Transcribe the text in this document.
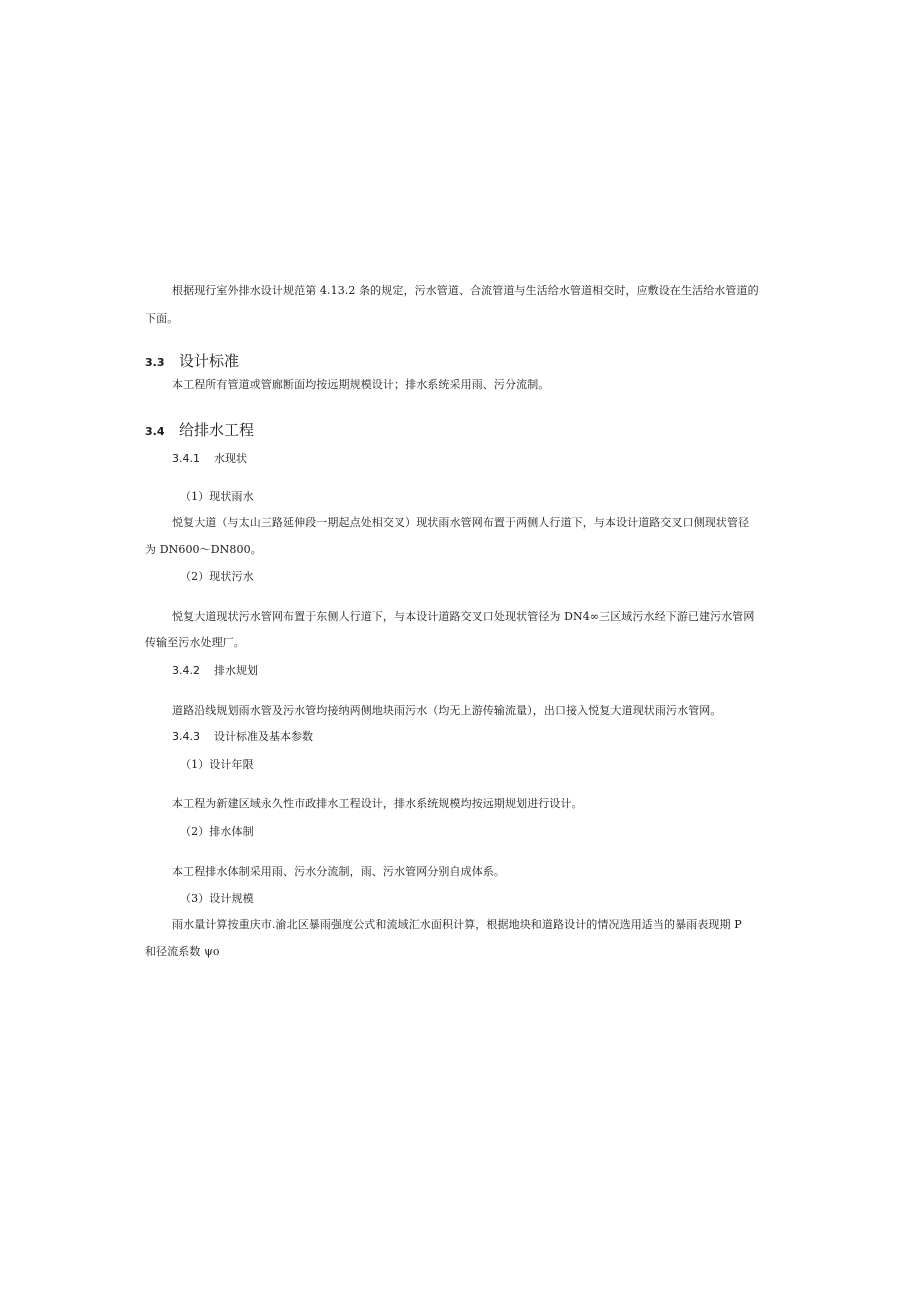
根据现行室外排水设计规范第 4.13.2 条的规定，污水管道、合流管道与生活给水管道相交时，应敷设在生活给水管道的
下面。
3.3 设计标准
本工程所有管道或管廊断面均按远期规模设计；排水系统采用雨、污分流制。
3.4 给排水工程
3.4.1 水现状
（1）现状雨水
悦复大道（与太山三路延伸段一期起点处相交叉）现状雨水管网布置于两侧人行道下，与本设计道路交叉口侧现状管径
为 DN600～DN800。
（2）现状污水
悦复大道现状污水管网布置于东侧人行道下，与本设计道路交叉口处现状管径为 DN4∞三区域污水经下游已建污水管网
传输至污水处理厂。
3.4.2 排水规划
道路沿线规划雨水管及污水管均接纳两侧地块雨污水（均无上游传输流量），出口接入悦复大道现状雨污水管网。
3.4.3 设计标准及基本参数
（1）设计年限
本工程为新建区域永久性市政排水工程设计，排水系统规模均按远期规划进行设计。
（2）排水体制
本工程排水体制采用雨、污水分流制，雨、污水管网分别自成体系。
（3）设计规模
雨水量计算按重庆市.渝北区暴雨强度公式和流域汇水面积计算，根据地块和道路设计的情况选用适当的暴雨表现期 P
和径流系数 ψo
